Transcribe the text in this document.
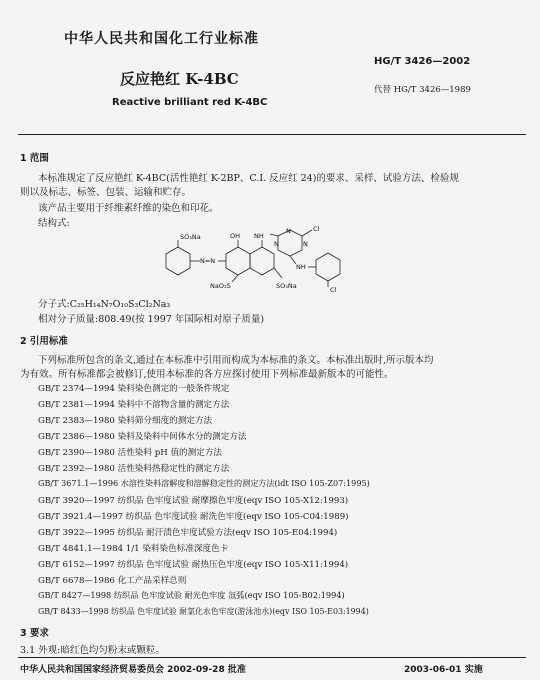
中华人民共和国化工行业标准
HG/T 3426—2002
反应艳红 K-4BC
代替 HG/T 3426—1989
Reactive brilliant red K-4BC
1 范围
本标准规定了反应艳红 K-4BC(活性艳红 K-2BP、C.I. 反应红 24)的要求、采样、试验方法、检验规
则以及标志、标签、包装、运输和贮存。
该产品主要用于纤维素纤维的染色和印花。
结构式:
SO₃Na
N=N
OH NH
NaO₃S	SO₃Na
N
N
N
Cl
NH
Cl
分子式:C₂₅H₁₄N₇O₁₀S₃Cl₂Na₃
相对分子质量:808.49(按 1997 年国际相对原子质量)
2 引用标准
下列标准所包含的条文,通过在本标准中引用而构成为本标准的条文。本标准出版时,所示版本均
为有效。所有标准都会被修订,使用本标准的各方应探讨使用下列标准最新版本的可能性。
GB/T 2374—1994 染料染色测定的一般条件规定
GB/T 2381—1994 染料中不溶物含量的测定方法
GB/T 2383—1980 染料筛分细度的测定方法
GB/T 2386—1980 染料及染料中间体水分的测定方法
GB/T 2390—1980 活性染料 pH 值的测定方法
GB/T 2392—1980 活性染料热稳定性的测定方法
GB/T 3671.1—1996 水溶性染料溶解度和溶解稳定性的测定方法(idt ISO 105-Z07:1995)
GB/T 3920—1997 纺织品 色牢度试验 耐摩擦色牢度(eqv ISO 105-X12:1993)
GB/T 3921.4—1997 纺织品 色牢度试验 耐洗色牢度(eqv ISO 105-C04:1989)
GB/T 3922—1995 纺织品 耐汗渍色牢度试验方法(eqv ISO 105-E04:1994)
GB/T 4841.1—1984 1/1 染料染色标准深度色卡
GB/T 6152—1997 纺织品 色牢度试验 耐热压色牢度(eqv ISO 105-X11:1994)
GB/T 6678—1986 化工产品采样总则
GB/T 8427—1998 纺织品 色牢度试验 耐光色牢度 氙弧(eqv ISO 105-B02:1994)
GB/T 8433—1998 纺织品 色牢度试验 耐氯化水色牢度(游泳池水)(eqv ISO 105-E03:1994)
3 要求
3.1 外观:暗红色均匀粉末或颗粒。
中华人民共和国国家经济贸易委员会 2002-09-28 批准	2003-06-01 实施
